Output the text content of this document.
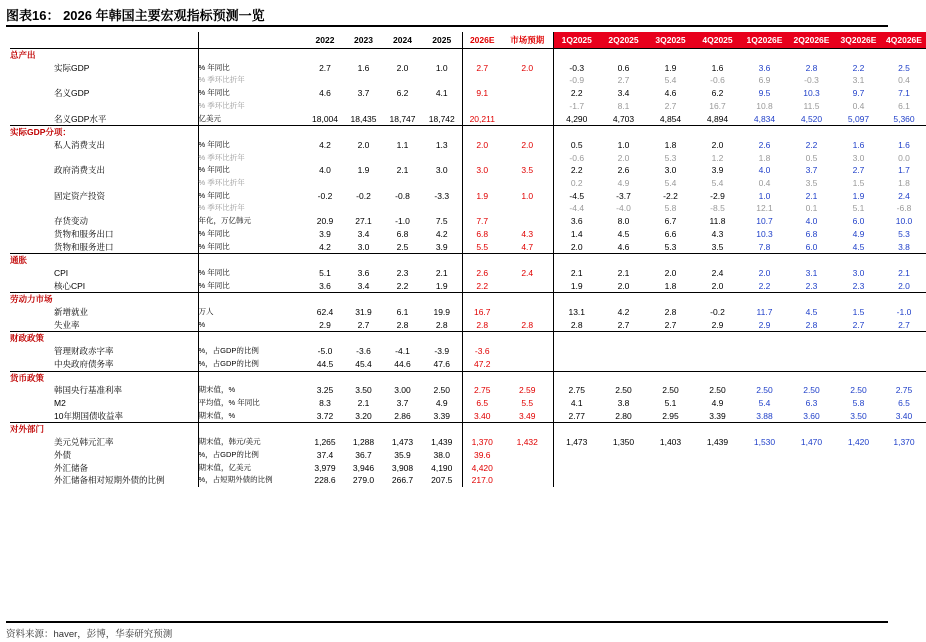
图表16： 2026 年韩国主要宏观指标预测一览
		2022	2023	2024	2025	2026E	市场预期	1Q2025	2Q2025	3Q2025	4Q2025	1Q2026E	2Q2026E	3Q2026E	4Q2026E
总产出															
实际GDP	% 年同比	2.7	1.6	2.0	1.0	2.7	2.0	-0.3	0.6	1.9	1.6	3.6	2.8	2.2	2.5
	% 季环比折年							-0.9	2.7	5.4	-0.6	6.9	-0.3	3.1	0.4
名义GDP	% 年同比	4.6	3.7	6.2	4.1	9.1		2.2	3.4	4.6	6.2	9.5	10.3	9.7	7.1
	% 季环比折年							-1.7	8.1	2.7	16.7	10.8	11.5	0.4	6.1
名义GDP水平	亿美元	18,004	18,435	18,747	18,742	20,211		4,290	4,703	4,854	4,894	4,834	4,520	5,097	5,360
实际GDP分项：															
私人消费支出	% 年同比	4.2	2.0	1.1	1.3	2.0	2.0	0.5	1.0	1.8	2.0	2.6	2.2	1.6	1.6
	% 季环比折年							-0.6	2.0	5.3	1.2	1.8	0.5	3.0	0.0
政府消费支出	% 年同比	4.0	1.9	2.1	3.0	3.0	3.5	2.2	2.6	3.0	3.9	4.0	3.7	2.7	1.7
	% 季环比折年							0.2	4.9	5.4	5.4	0.4	3.5	1.5	1.8
固定资产投资	% 年同比	-0.2	-0.2	-0.8	-3.3	1.9	1.0	-4.5	-3.7	-2.2	-2.9	1.0	2.1	1.9	2.4
	% 季环比折年							-4.4	-4.0	5.8	-8.5	12.1	0.1	5.1	-6.8
存货变动	年化，万亿韩元	20.9	27.1	-1.0	7.5	7.7		3.6	8.0	6.7	11.8	10.7	4.0	6.0	10.0
货物和服务出口	% 年同比	3.9	3.4	6.8	4.2	6.8	4.3	1.4	4.5	6.6	4.3	10.3	6.8	4.9	5.3
货物和服务进口	% 年同比	4.2	3.0	2.5	3.9	5.5	4.7	2.0	4.6	5.3	3.5	7.8	6.0	4.5	3.8
通胀															
CPI	% 年同比	5.1	3.6	2.3	2.1	2.6	2.4	2.1	2.1	2.0	2.4	2.0	3.1	3.0	2.1
核心CPI	% 年同比	3.6	3.4	2.2	1.9	2.2		1.9	2.0	1.8	2.0	2.2	2.3	2.3	2.0
劳动力市场															
新增就业	万人	62.4	31.9	6.1	19.9	16.7		13.1	4.2	2.8	-0.2	11.7	4.5	1.5	-1.0
失业率	%	2.9	2.7	2.8	2.8	2.8	2.8	2.8	2.7	2.7	2.9	2.9	2.8	2.7	2.7
财政政策															
管理财政赤字率	%，占GDP的比例	-5.0	-3.6	-4.1	-3.9	-3.6									
中央政府债务率	%，占GDP的比例	44.5	45.4	44.6	47.6	47.2									
货币政策															
韩国央行基准利率	期末值，%	3.25	3.50	3.00	2.50	2.75	2.59	2.75	2.50	2.50	2.50	2.50	2.50	2.50	2.75
M2	平均值，% 年同比	8.3	2.1	3.7	4.9	6.5	5.5	4.1	3.8	5.1	4.9	5.4	6.3	5.8	6.5
10年期国债收益率	期末值，%	3.72	3.20	2.86	3.39	3.40	3.49	2.77	2.80	2.95	3.39	3.88	3.60	3.50	3.40
对外部门															
美元兑韩元汇率	期末值，韩元/美元	1,265	1,288	1,473	1,439	1,370	1,432	1,473	1,350	1,403	1,439	1,530	1,470	1,420	1,370
外债	%，占GDP的比例	37.4	36.7	35.9	38.0	39.6									
外汇储备	期末值，亿美元	3,979	3,946	3,908	4,190	4,420									
外汇储备相对短期外债的比例	%，占短期外债的比例	228.6	279.0	266.7	207.5	217.0									
资料来源：haver，彭博，华泰研究预测
